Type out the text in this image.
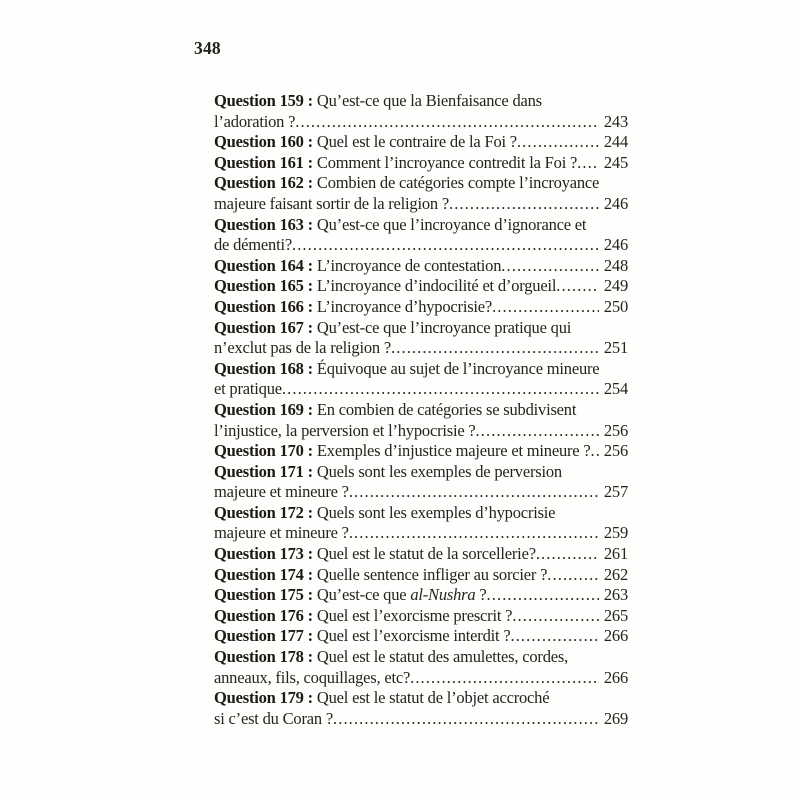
348
Question 159 : Qu’est-ce que la Bienfaisance dans
l’adoration ? .....	243
Question 160 : Quel est le contraire de la Foi ? .....	244
Question 161 : Comment l’incroyance contredit la Foi ? .....	245
Question 162 : Combien de catégories compte l’incroyance
majeure faisant sortir de la religion ? .....	246
Question 163 : Qu’est-ce que l’incroyance d’ignorance et
de démenti? .....	246
Question 164 : L’incroyance de contestation .....	248
Question 165 : L’incroyance d’indocilité et d’orgueil .....	249
Question 166 : L’incroyance d’hypocrisie? .....	250
Question 167 : Qu’est-ce que l’incroyance pratique qui
n’exclut pas de la religion ? .....	251
Question 168 : Équivoque au sujet de l’incroyance mineure
et pratique .....	254
Question 169 : En combien de catégories se subdivisent
l’injustice, la perversion et l’hypocrisie ? .....	256
Question 170 : Exemples d’injustice majeure et mineure ? ..... 256
Question 171 : Quels sont les exemples de perversion
majeure et mineure ? .....	257
Question 172 : Quels sont les exemples d’hypocrisie
majeure et mineure ? .....	259
Question 173 : Quel est le statut de la sorcellerie? .....	261
Question 174 : Quelle sentence infliger au sorcier ? .....	262
Question 175 : Qu’est-ce que al-Nushra ? .....	263
Question 176 : Quel est l’exorcisme prescrit ? .....	265
Question 177 : Quel est l’exorcisme interdit ? .....	266
Question 178 : Quel est le statut des amulettes, cordes,
anneaux, fils, coquillages, etc? .....	266
Question 179 : Quel est le statut de l’objet accroché
si c’est du Coran ? .....	269
